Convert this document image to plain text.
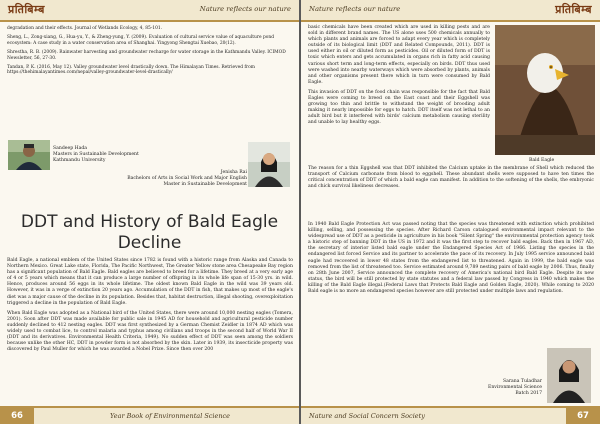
प्रतिबिम्ब	Nature reflects our nature

degradation and their effects. Journal of Wetlands Ecology, 4, 85-101.

Sheng, L., Zong-xiang, G., Hua-yu, Y., & Zheng-yung, Y. (2009). Evaluation of cultural service value of aquaculture pond ecosystem: A case study in a water conservation area of Shanghai. Yingyong Shengtai Xuebao, 20(12).

Shrestha, R. B. (2009). Rainwater harvesting and groundwater recharge for water storage in the Kathmandu Valley. ICIMOD Newsletter, 56, 27-30.

Tandan, P. K. (2016, May 12). Valley groundwater level drastically down. The Himalayan Times. Retrieved from https://thehimalayantimes.com/nepal/valley-groundwater-level-drastically/

Sandeep Hada
Masters in Sustainable Development
Kathmandu University
Jenisha Rai
Bachelors of Arts in Social Work and Major English
Master in Sustainable Development
DDT and History of Bald Eagle Decline

Bald Eagle, a national emblem of the United States since 1782 is found with a historic range from Alaska and Canada to Northern Mexico. Great Lake state, Florida, The Pacific Northwest, The Greater Yellow stone area Chesapeake Bay region has a significant population of Bald Eagle. Bald eagles are believed to breed for a lifetime. They breed at a very early age of 4 or 5 years which means that it can produce a large number of offspring in its whole life span of 15-30 yrs. in wild. Hence, produces around 56 eggs in its whole lifetime. The oldest known Bald Eagle in the wild was 39 years old. However, it was in a verge of extinction 20 years ago. Accumulation of the DDT in fish, that makes up most of the eagle's diet was a major cause of the decline in its population. Besides that, habitat destruction, illegal shooting, overexploitation triggered a decline in the population of Bald Eagle.

When Bald Eagle was adopted as a National bird of the United States, there were around 10,000 nesting eagles (Tomera, 2001). Soon after DDT was made available for public sale in 1945 AD for household and agricultural pesticide number suddenly declined to 412 nesting eagles. DDT was first synthesized by a German Chemist Zeidler in 1874 AD which was widely used to combat lice, to control malaria and typhus among civilians and troops in the second half of World War II (DDT and its derivatives. Environmental Health Criteria, 1949). No sudden effect of DDT was seen among the soldiers because unlike the other HC, DDT in powder form is not absorbed by the skin. Later in 1939, its insecticide property was discovered by Paul Muller for which he was awarded a Nobel Prize. Since then over 200

66	Year Book of Environmental Science
Nature reflects our nature	प्रतिबिम्ब

basic chemicals have been created which are used in killing pests and are sold in different brand names. The US alone uses 500 chemicals annually to which plants and animals are forced to adapt every year which is completely outside of its biological limit (DDT and Related Compounds, 2011). DDT is used either in oil or diluted form as pesticides. Oil or diluted form of DDT is toxic which enters and gets accumulated in organs rich in fatty acid causing various short term and long-term effects, especially on birds. DDT thus used were washed into nearby waterways which were absorbed by plants, animals and other organisms present there which in turn were consumed by Bald Eagle.

This invasion of DDT on the food chain was responsible for the fact that Bald Eagles were coming to breed on the East coast and their Eggshell was growing too thin and brittle to withstand the weight of brooding adult making it nearly impossible for eggs to hatch. DDT itself was not lethal to an adult bird but it interfered with birds' calcium metabolism causing sterility and unable to lay healthy eggs.

Bald Eagle

The reason for a thin Eggshell was that DDT inhibited the Calcium uptake in the membrane of Shell which reduced the transport of Calcium carbonate from blood to eggshell. These abundant shells were supposed to have ten times the critical concentration of DDT of which a bald eagle can manifest. In addition to the softening of the shells, the embryonic and chick survival likeliness decreases.

In 1940 Bald Eagle Protection Act was passed noting that the species was threatened with extinction which prohibited killing, selling, and possessing the species. After Richard Carson catalogued environmental impact relevant to the widespread use of DDT as a pesticide in agriculture in his book "Silent Spring" the environmental protection agency took a historic step of banning DDT in the US in 1972 and it was the first step to recover bald eagles. Back then in 1967 AD, the secretary of interior listed bald eagle under the Endangered Species Act of 1966. Listing the species in the endangered list forced Service and its partner to accelerate the pace of its recovery. In July 1995 service announced bald eagle had recovered in lower 48 states from the endangered list to threatened. Again in 1999, the bald eagle was removed from the list of threatened too. Service estimated around 9,789 nesting pairs of bald eagle by 2006. Thus, finally on 28th June 2007, Service announced the complete recovery of America's national bird Bald Eagle. Despite its new status, the bird will be still protected by state statutes and a federal law passed by Congress in 1940 which makes the killing of the Bald Eagle illegal.(Federal Laws that Protects Bald Eagle and Golden Eagle, 2020). While coming to 2020 Bald eagle is no more an endangered species however are still protected under multiple laws and regulation.

Sarana Tuladhar
Environmental Science
Batch 2017
Nature and Social Concern Society	67
